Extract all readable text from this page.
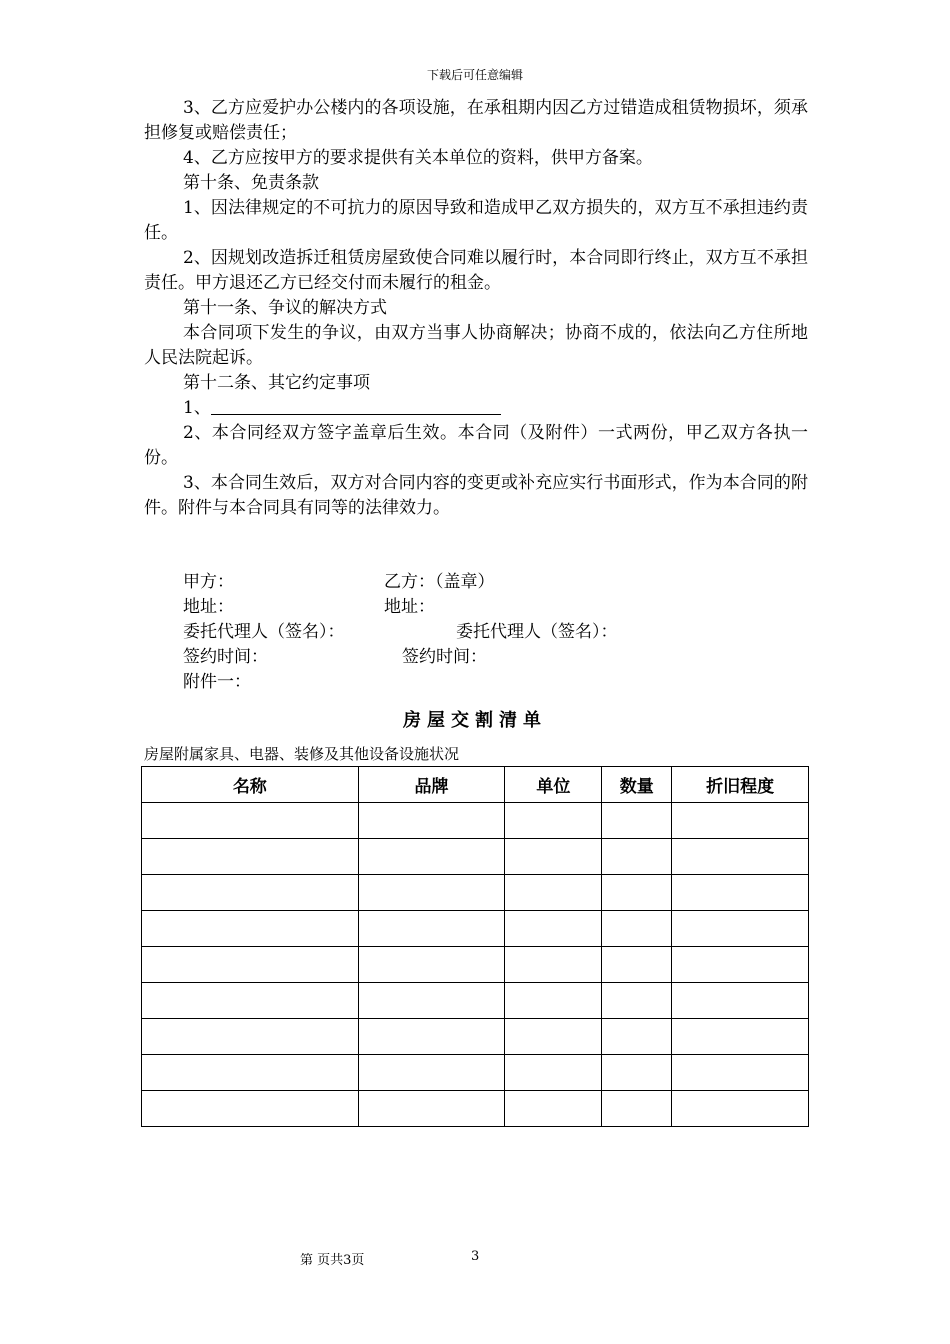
下载后可任意编辑

3、乙方应爱护办公楼内的各项设施，在承租期内因乙方过错造成租赁物损坏，须承担修复或赔偿责任；

4、乙方应按甲方的要求提供有关本单位的资料，供甲方备案。

第十条、免责条款

1、因法律规定的不可抗力的原因导致和造成甲乙双方损失的，双方互不承担违约责任。

2、因规划改造拆迁租赁房屋致使合同难以履行时，本合同即行终止，双方互不承担责任。甲方退还乙方已经交付而未履行的租金。

第十一条、争议的解决方式

本合同项下发生的争议，由双方当事人协商解决；协商不成的，依法向乙方住所地人民法院起诉。

第十二条、其它约定事项

1、

2、本合同经双方签字盖章后生效。本合同（及附件）一式两份，甲乙双方各执一份。

3、本合同生效后，双方对合同内容的变更或补充应实行书面形式，作为本合同的附件。附件与本合同具有同等的法律效力。

甲方：	乙方：（盖章）
地址：	地址：
委托代理人（签名）：	委托代理人（签名）：
签约时间：	签约时间：
附件一：
房屋交割清单
房屋附属家具、电器、装修及其他设备设施状况
名称	品牌	单位	数量	折旧程度

第 页共3页	3
